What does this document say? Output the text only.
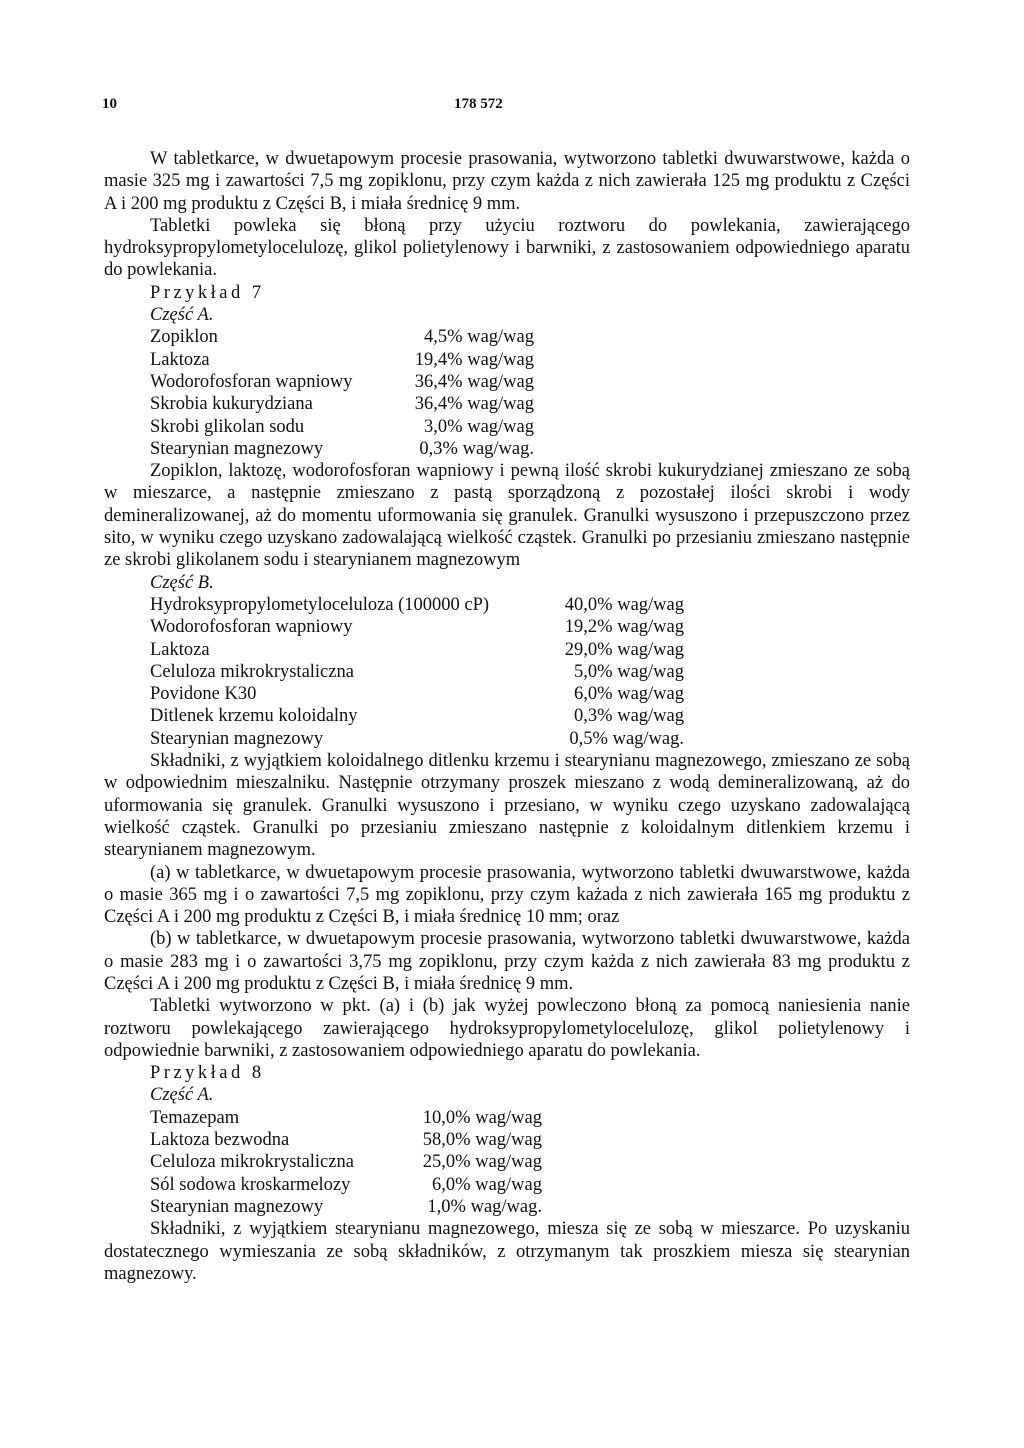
10	178 572

W tabletkarce, w dwuetapowym procesie prasowania, wytworzono tabletki dwuwarstwowe, każda o masie 325 mg i zawartości 7,5 mg zopiklonu, przy czym każda z nich zawierała 125 mg produktu z Części A i 200 mg produktu z Części B, i miała średnicę 9 mm.

Tabletki powleka się błoną przy użyciu roztworu do powlekania, zawierającego hydroksypropylometylocelulozę, glikol polietylenowy i barwniki, z zastosowaniem odpowiedniego aparatu do powlekania.

Przykład 7

Część A.

Zopiklon	4,5% wag/wag
Laktoza	19,4% wag/wag
Wodorofosforan wapniowy	36,4% wag/wag
Skrobia kukurydziana	36,4% wag/wag
Skrobi glikolan sodu	3,0% wag/wag
Stearynian magnezowy	0,3% wag/wag.

Zopiklon, laktozę, wodorofosforan wapniowy i pewną ilość skrobi kukurydzianej zmieszano ze sobą w mieszarce, a następnie zmieszano z pastą sporządzoną z pozostałej ilości skrobi i wody demineralizowanej, aż do momentu uformowania się granulek. Granulki wysuszono i przepuszczono przez sito, w wyniku czego uzyskano zadowalającą wielkość cząstek. Granulki po przesianiu zmieszano następnie ze skrobi glikolanem sodu i stearynianem magnezowym

Część B.

Hydroksypropylometyloceluloza (100000 cP)	40,0% wag/wag
Wodorofosforan wapniowy	19,2% wag/wag
Laktoza	29,0% wag/wag
Celuloza mikrokrystaliczna	5,0% wag/wag
Povidone K30	6,0% wag/wag
Ditlenek krzemu koloidalny	0,3% wag/wag
Stearynian magnezowy	0,5% wag/wag.

Składniki, z wyjątkiem koloidalnego ditlenku krzemu i stearynianu magnezowego, zmieszano ze sobą w odpowiednim mieszalniku. Następnie otrzymany proszek mieszano z wodą demineralizowaną, aż do uformowania się granulek. Granulki wysuszono i przesiano, w wyniku czego uzyskano zadowalającą wielkość cząstek. Granulki po przesianiu zmieszano następnie z koloidalnym ditlenkiem krzemu i stearynianem magnezowym.

(a) w tabletkarce, w dwuetapowym procesie prasowania, wytworzono tabletki dwuwarstwowe, każda o masie 365 mg i o zawartości 7,5 mg zopiklonu, przy czym każada z nich zawierała 165 mg produktu z Części A i 200 mg produktu z Części B, i miała średnicę 10 mm; oraz

(b) w tabletkarce, w dwuetapowym procesie prasowania, wytworzono tabletki dwuwarstwowe, każda o masie 283 mg i o zawartości 3,75 mg zopiklonu, przy czym każda z nich zawierała 83 mg produktu z Części A i 200 mg produktu z Części B, i miała średnicę 9 mm.

Tabletki wytworzono w pkt. (a) i (b) jak wyżej powleczono błoną za pomocą naniesienia nanie roztworu powlekającego zawierającego hydroksypropylometylocelulozę, glikol polietylenowy i odpowiednie barwniki, z zastosowaniem odpowiedniego aparatu do powlekania.

Przykład 8

Część A.

Temazepam	10,0% wag/wag
Laktoza bezwodna	58,0% wag/wag
Celuloza mikrokrystaliczna	25,0% wag/wag
Sól sodowa kroskarmelozy	6,0% wag/wag
Stearynian magnezowy	1,0% wag/wag.

Składniki, z wyjątkiem stearynianu magnezowego, miesza się ze sobą w mieszarce. Po uzyskaniu dostatecznego wymieszania ze sobą składników, z otrzymanym tak proszkiem miesza się stearynian magnezowy.
